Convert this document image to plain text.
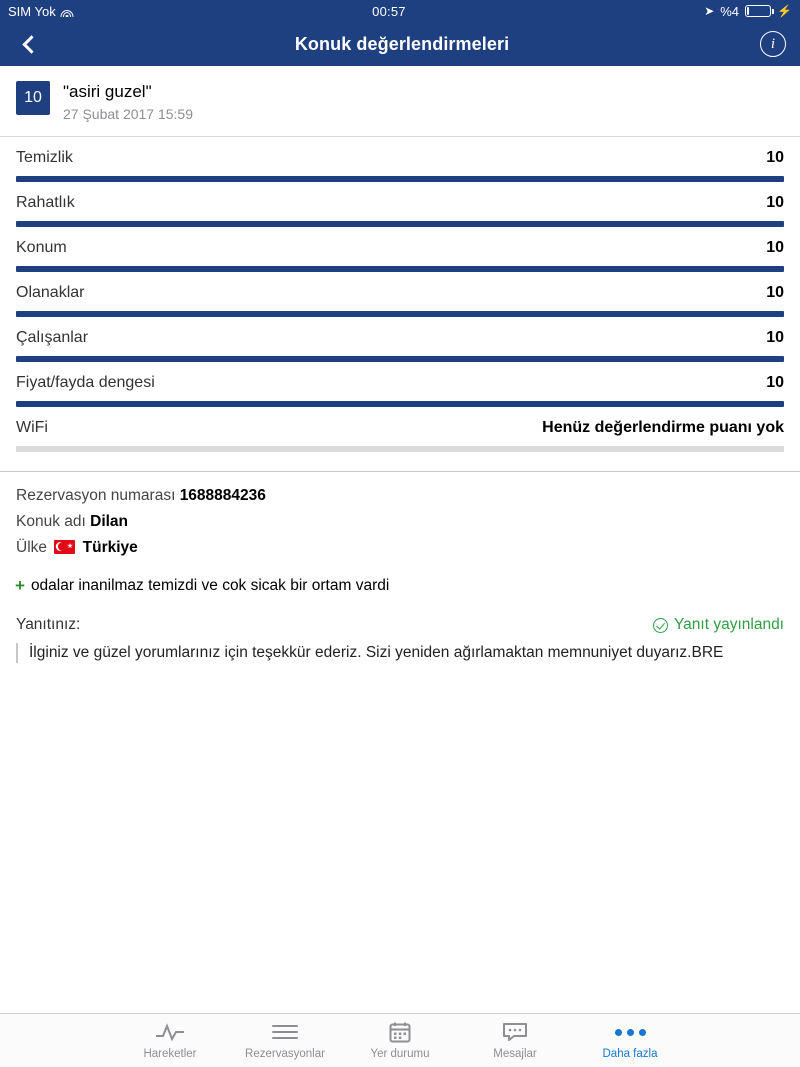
SIM Yok	00:57	➤ %4	⚡
Konuk değerlendirmeleri	i
10	"asiri guzel"
27 Şubat 2017 15:59
Temizlik	10
Rahatlık	10
Konum	10
Olanaklar	10
Çalışanlar	10
Fiyat/fayda dengesi	10
WiFi	Henüz değerlendirme puanı yok
Rezervasyon numarası 1688884236
Konuk adı Dilan
Ülke	★ Türkiye
+ odalar inanilmaz temizdi ve cok sicak bir ortam vardi
Yanıtınız:	Yanıt yayınlandı
İlginiz ve güzel yorumlarınız için teşekkür ederiz. Sizi yeniden ağırlamaktan memnuniyet duyarız.BRE
Hareketler	Rezervasyonlar	Yer durumu	Mesajlar	Daha fazla
